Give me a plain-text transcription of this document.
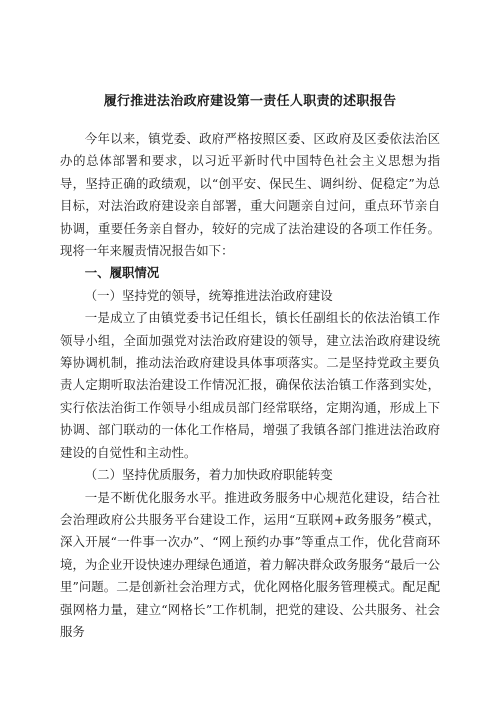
履行推进法治政府建设第一责任人职责的述职报告

今年以来，镇党委、政府严格按照区委、区政府及区委依法治区办的总体部署和要求，以习近平新时代中国特色社会主义思想为指导，坚持正确的政绩观，以“创平安、保民生、调纠纷、促稳定”为总目标，对法治政府建设亲自部署，重大问题亲自过问，重点环节亲自协调，重要任务亲自督办，较好的完成了法治建设的各项工作任务。现将一年来履责情况报告如下：

一、履职情况

（一）坚持党的领导，统筹推进法治政府建设

一是成立了由镇党委书记任组长，镇长任副组长的依法治镇工作领导小组，全面加强党对法治政府建设的领导，建立法治政府建设统筹协调机制，推动法治政府建设具体事项落实。二是坚持党政主要负责人定期听取法治建设工作情况汇报，确保依法治镇工作落到实处，实行依法治街工作领导小组成员部门经常联络，定期沟通，形成上下协调、部门联动的一体化工作格局，增强了我镇各部门推进法治政府建设的自觉性和主动性。

（二）坚持优质服务，着力加快政府职能转变

一是不断优化服务水平。推进政务服务中心规范化建设，结合社会治理政府公共服务平台建设工作，运用“互联网+政务服务”模式，深入开展“一件事一次办”、“网上预约办事”等重点工作，优化营商环境，为企业开设快速办理绿色通道，着力解决群众政务服务“最后一公里”问题。二是创新社会治理方式，优化网格化服务管理模式。配足配强网格力量，建立“网格长”工作机制，把党的建设、公共服务、社会服务
